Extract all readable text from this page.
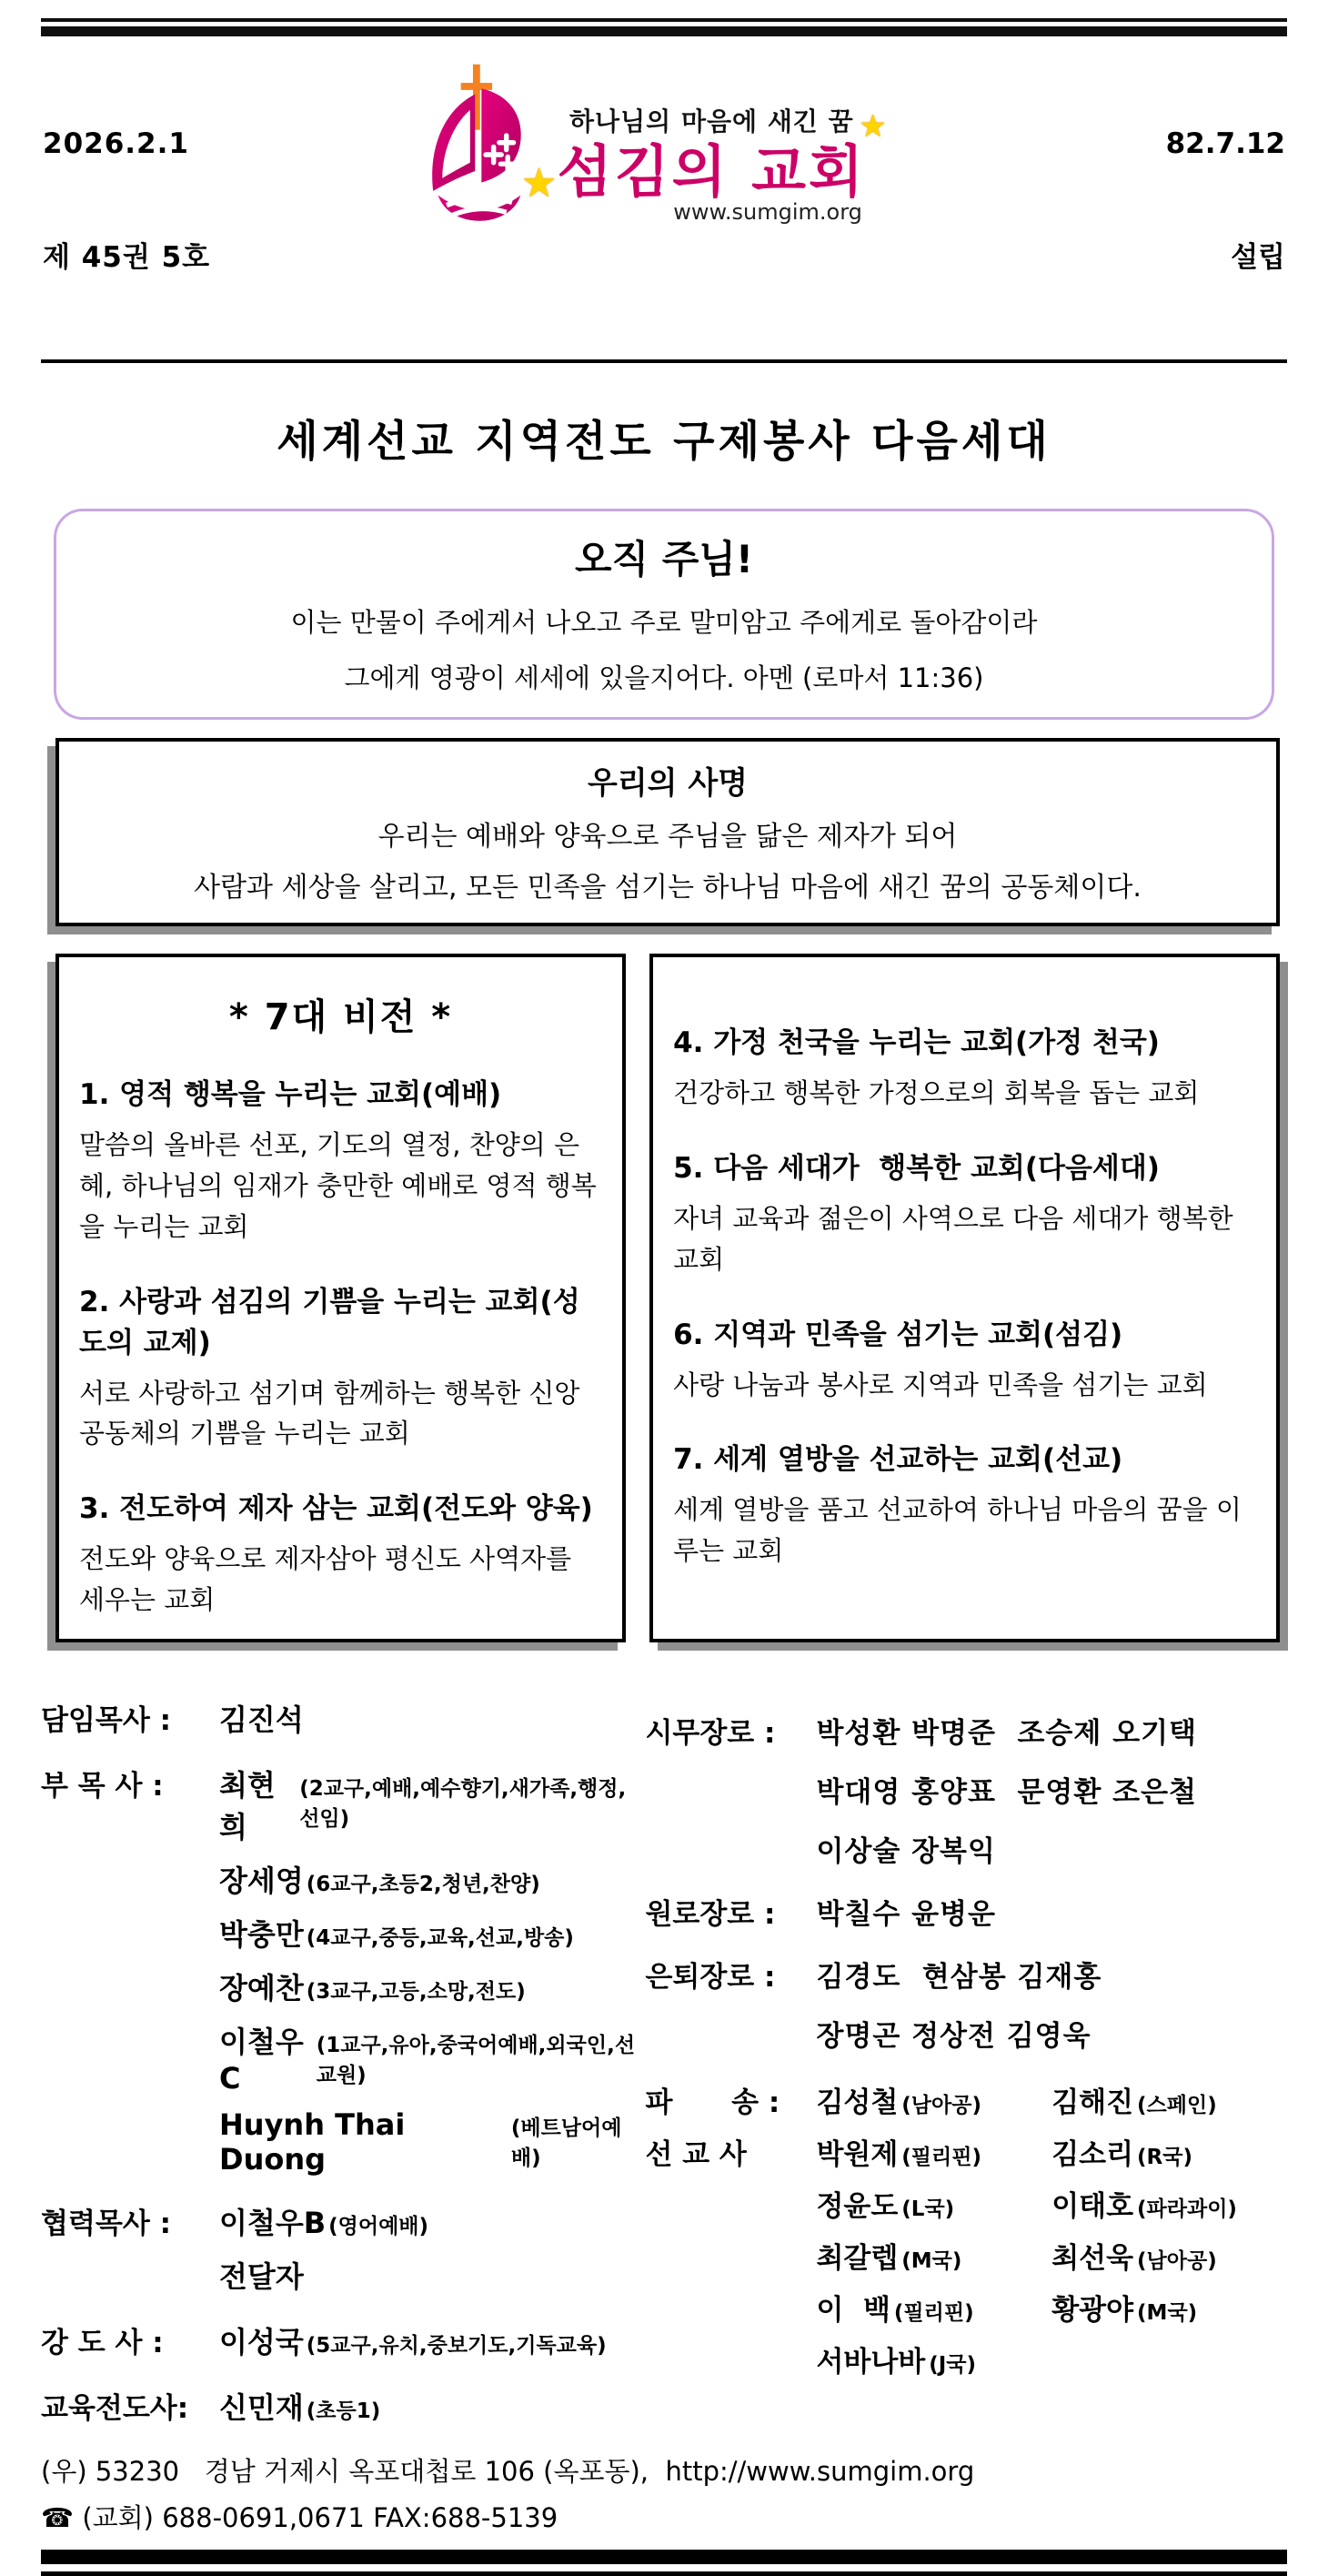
2026.2.1

제 45권 5호

하나님의 마음에 새긴 꿈
★
섬김의 교회
★
www.sumgim.org

82.7.12

설립

세계선교 지역전도 구제봉사 다음세대
오직 주님!

이는 만물이 주에게서 나오고 주로 말미암고 주에게로 돌아감이라

그에게 영광이 세세에 있을지어다. 아멘 (로마서 11:36)

우리의 사명

우리는 예배와 양육으로 주님을 닮은 제자가 되어

사람과 세상을 살리고, 모든 민족을 섬기는 하나님 마음에 새긴 꿈의 공동체이다.

* 7대 비전 *
1. 영적 행복을 누리는 교회(예배)

말씀의 올바른 선포, 기도의 열정, 찬양의 은혜, 하나님의 임재가 충만한 예배로 영적 행복을 누리는 교회

2. 사랑과 섬김의 기쁨을 누리는 교회(성도의 교제)

서로 사랑하고 섬기며 함께하는 행복한 신앙공동체의 기쁨을 누리는 교회

3. 전도하여 제자 삼는 교회(전도와 양육)

전도와 양육으로 제자삼아 평신도 사역자를 세우는 교회

4. 가정 천국을 누리는 교회(가정 천국)

건강하고 행복한 가정으로의 회복을 돕는 교회

5. 다음 세대가  행복한 교회(다음세대)

자녀 교육과 젊은이 사역으로 다음 세대가 행복한 교회

6. 지역과 민족을 섬기는 교회(섬김)

사랑 나눔과 봉사로 지역과 민족을 섬기는 교회

7. 세계 열방을 선교하는 교회(선교)

세계 열방을 품고 선교하여 하나님 마음의 꿈을 이루는 교회

담임목사 :	김진석
부 목 사 :	최현희
(2교구,예배,예수향기,새가족,행정,선임)
장세영 (6교구,초등2,청년,찬양)
박충만 (4교구,중등,교육,선교,방송)
장예찬 (3교구,고등,소망,전도)
이철우C
(1교구,유아,중국어예배,외국인,선교원)
Huynh Thai Duong
(베트남어예배)
협력목사 :	이철우B (영어예배)
전달자
강 도 사 :	이성국 (5교구,유치,중보기도,기독교육)
교육전도사: 신민재 (초등1)
시무장로 :	박성환 박명준  조승제 오기택
박대영 홍양표  문영환 조은철
이상술 장복익
원로장로 :	박칠수 윤병운
은퇴장로 :	김경도  현삼봉 김재홍
장명곤 정상전 김영욱
파      송 : 김성철 (남아공) 김해진 (스페인)
선 교 사	박원제 (필리핀) 김소리 (R국)
정윤도 (L국)	이태호 (파라과이)
최갈렙 (M국)	최선욱 (남아공)
이  백 (필리핀)	황광야 (M국)
서바나바 (J국)

(우) 53230   경남 거제시 옥포대첩로 106 (옥포동),  http://www.sumgim.org

☎ (교회) 688-0691,0671 FAX:688-5139
